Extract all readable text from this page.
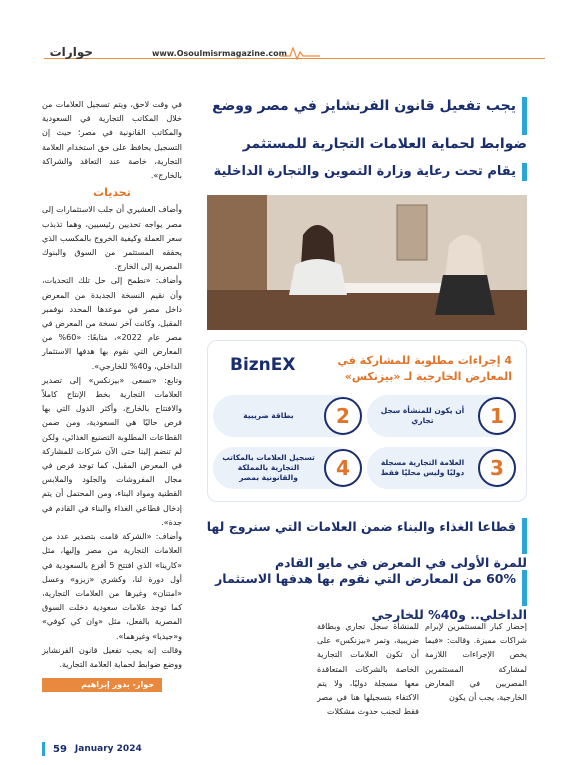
www.Osoulmisrmagazine.com
حوارات

في وقت لاحق، ويتم تسجيل العلامات من خلال المكاتب التجارية في السعودية والمكاتب القانونية في مصر؛ حيث إن التسجيل يحافظ على حق استخدام العلامة التجارية، خاصة عند التعاقد والشراكة بالخارج».

تحديات

وأضاف العشيري أن جلب الاستثمارات إلى مصر يواجه تحديين رئيسيين، وهما تذبذب سعر العملة وكيفية الخروج بالمكسب الذي يحققه المستثمر من السوق والبنوك المصرية إلى الخارج.

وأضاف: «نطمح إلى حل تلك التحديات، وأن نقيم النسخة الجديدة من المعرض داخل مصر في موعدها المحدد نوفمبر المقبل، وكانت آخر نسخة من المعرض في مصر عام 2022»، متابعًا: «60% من المعارض التي نقوم بها هدفها الاستثمار الداخلي، و40% للخارجي».

وتابع: «تسعى «بيزنكس» إلى تصدير العلامات التجارية بخط الإنتاج كاملاً والافتتاح بالخارج، وأكثر الدول التي بها فرص حاليًا هي السعودية، ومن ضمن القطاعات المطلوبة التصنيع الغذائي، ولكن لم تنضم إلينا حتى الآن شركات للمشاركة في المعرض المقبل، كما توجد فرص في مجال المفروشات والجلود والملابس القطنية ومواد البناء، ومن المحتمل أن يتم إدخال قطاعي الغذاء والبناء في القادم في جدة».

وأضاف: «الشركة قامت بتصدير عدد من العلامات التجارية من مصر وإليها، مثل «كارينا» الذي افتتح 5 أفرع بالسعودية في أول دورة لنا، وكشري «زيزو» وعسل «امتنان» وغيرها من العلامات التجارية، كما توجد علامات سعودية دخلت السوق المصرية بالفعل، مثل «وان كي كوفي» و«جيديا» وغيرهما».

وقالت إنه يجب تفعيل قانون الفرنشايز ووضع ضوابط لحماية العلامة التجارية.

حوار- بدور إبراهيم
يجب تفعيل قانون الفرنشايز في مصر ووضع ضوابط لحماية العلامات التجارية للمستثمر
يقام تحت رعاية وزارة التموين والتجارة الداخلية
BiznEX	4 إجراءات مطلوبة للمشاركة في المعارض الخارجية لـ «بيزنكس»
1
أن يكون للمنشأة سجل تجاري
2
بطاقة ضريبية
3
العلامة التجارية مسجلة دوليًا وليس محليًا فقط
4
تسجيل العلامات بالمكاتب التجارية بالمملكة والقانونية بمصر
قطاعا الغذاء والبناء ضمن العلامات التي سنروج لها للمرة الأولى في المعرض في مايو القادم
60% من المعارض التي نقوم بها هدفها الاستثمار الداخلي.. و40% للخارجي
إحضار كبار المستثمرين لإبرام شراكات مميزة. وقالت: «فيما يخص الإجراءات اللازمة لمشاركة المستثمرين المصريين في المعارض الخارجية، يجب أن يكون
للمنشأة سجل تجاري وبطاقة ضريبية، وتمر «بيزنكس» على أن تكون العلامات التجارية الخاصة بالشركات المتعاقدة معها مسجلة دوليًا، ولا يتم الاكتفاء بتسجيلها هنا في مصر فقط لتجنب حدوث مشكلات
59 January 2024
